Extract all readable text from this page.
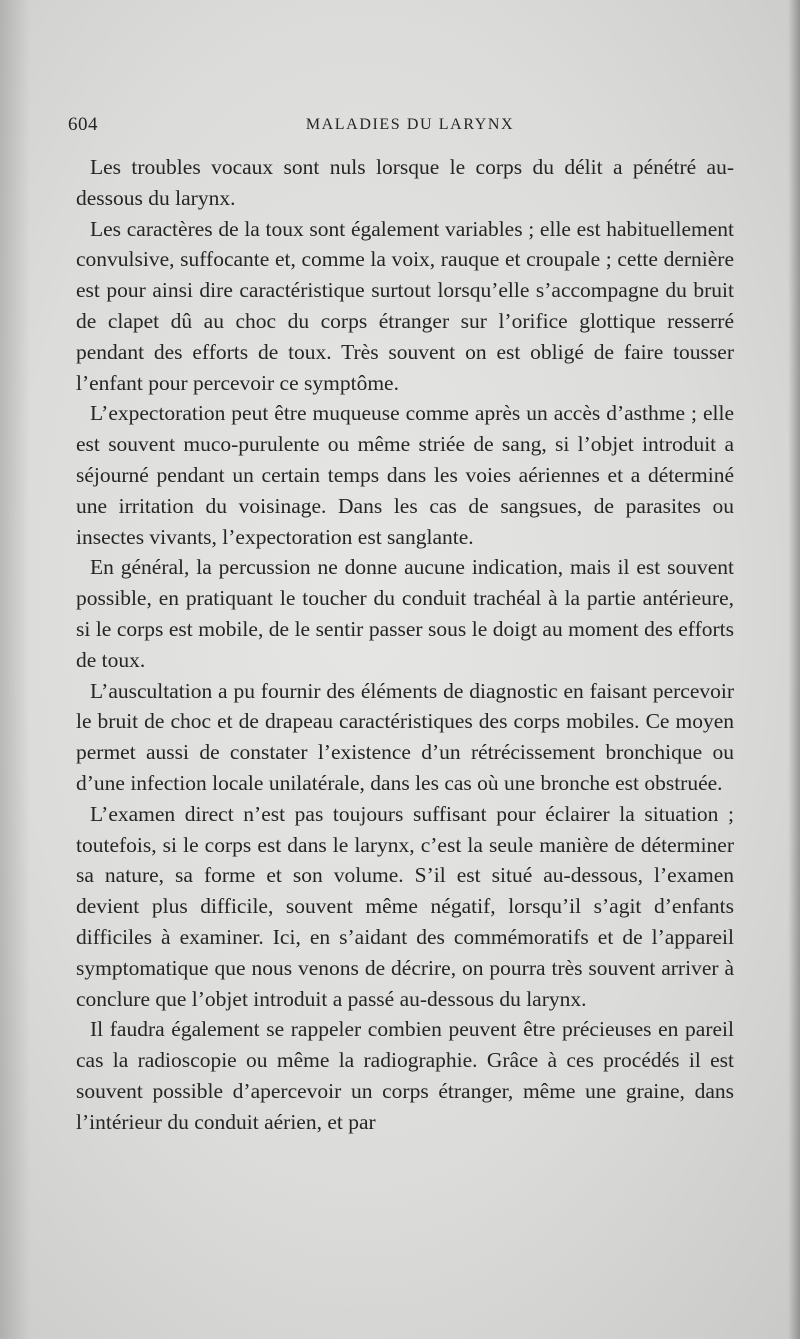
604	MALADIES DU LARYNX

Les troubles vocaux sont nuls lorsque le corps du délit a pénétré au-dessous du larynx.

Les caractères de la toux sont également variables ; elle est habituellement convulsive, suffocante et, comme la voix, rauque et croupale ; cette dernière est pour ainsi dire caractéristique surtout lorsqu’elle s’accompagne du bruit de clapet dû au choc du corps étranger sur l’orifice glottique resserré pendant des efforts de toux. Très souvent on est obligé de faire tousser l’enfant pour percevoir ce symptôme.

L’expectoration peut être muqueuse comme après un accès d’asthme ; elle est souvent muco-purulente ou même striée de sang, si l’objet introduit a séjourné pendant un certain temps dans les voies aériennes et a déterminé une irritation du voisinage. Dans les cas de sangsues, de parasites ou insectes vivants, l’expectoration est sanglante.

En général, la percussion ne donne aucune indication, mais il est souvent possible, en pratiquant le toucher du conduit trachéal à la partie antérieure, si le corps est mobile, de le sentir passer sous le doigt au moment des efforts de toux.

L’auscultation a pu fournir des éléments de diagnostic en faisant percevoir le bruit de choc et de drapeau caractéristiques des corps mobiles. Ce moyen permet aussi de constater l’existence d’un rétrécissement bronchique ou d’une infection locale unilatérale, dans les cas où une bronche est obstruée.

L’examen direct n’est pas toujours suffisant pour éclairer la situation ; toutefois, si le corps est dans le larynx, c’est la seule manière de déterminer sa nature, sa forme et son volume. S’il est situé au-dessous, l’examen devient plus difficile, souvent même négatif, lorsqu’il s’agit d’enfants difficiles à examiner. Ici, en s’aidant des commémoratifs et de l’appareil symptomatique que nous venons de décrire, on pourra très souvent arriver à conclure que l’objet introduit a passé au-dessous du larynx.

Il faudra également se rappeler combien peuvent être précieuses en pareil cas la radioscopie ou même la radiographie. Grâce à ces procédés il est souvent possible d’apercevoir un corps étranger, même une graine, dans l’intérieur du conduit aérien, et par
